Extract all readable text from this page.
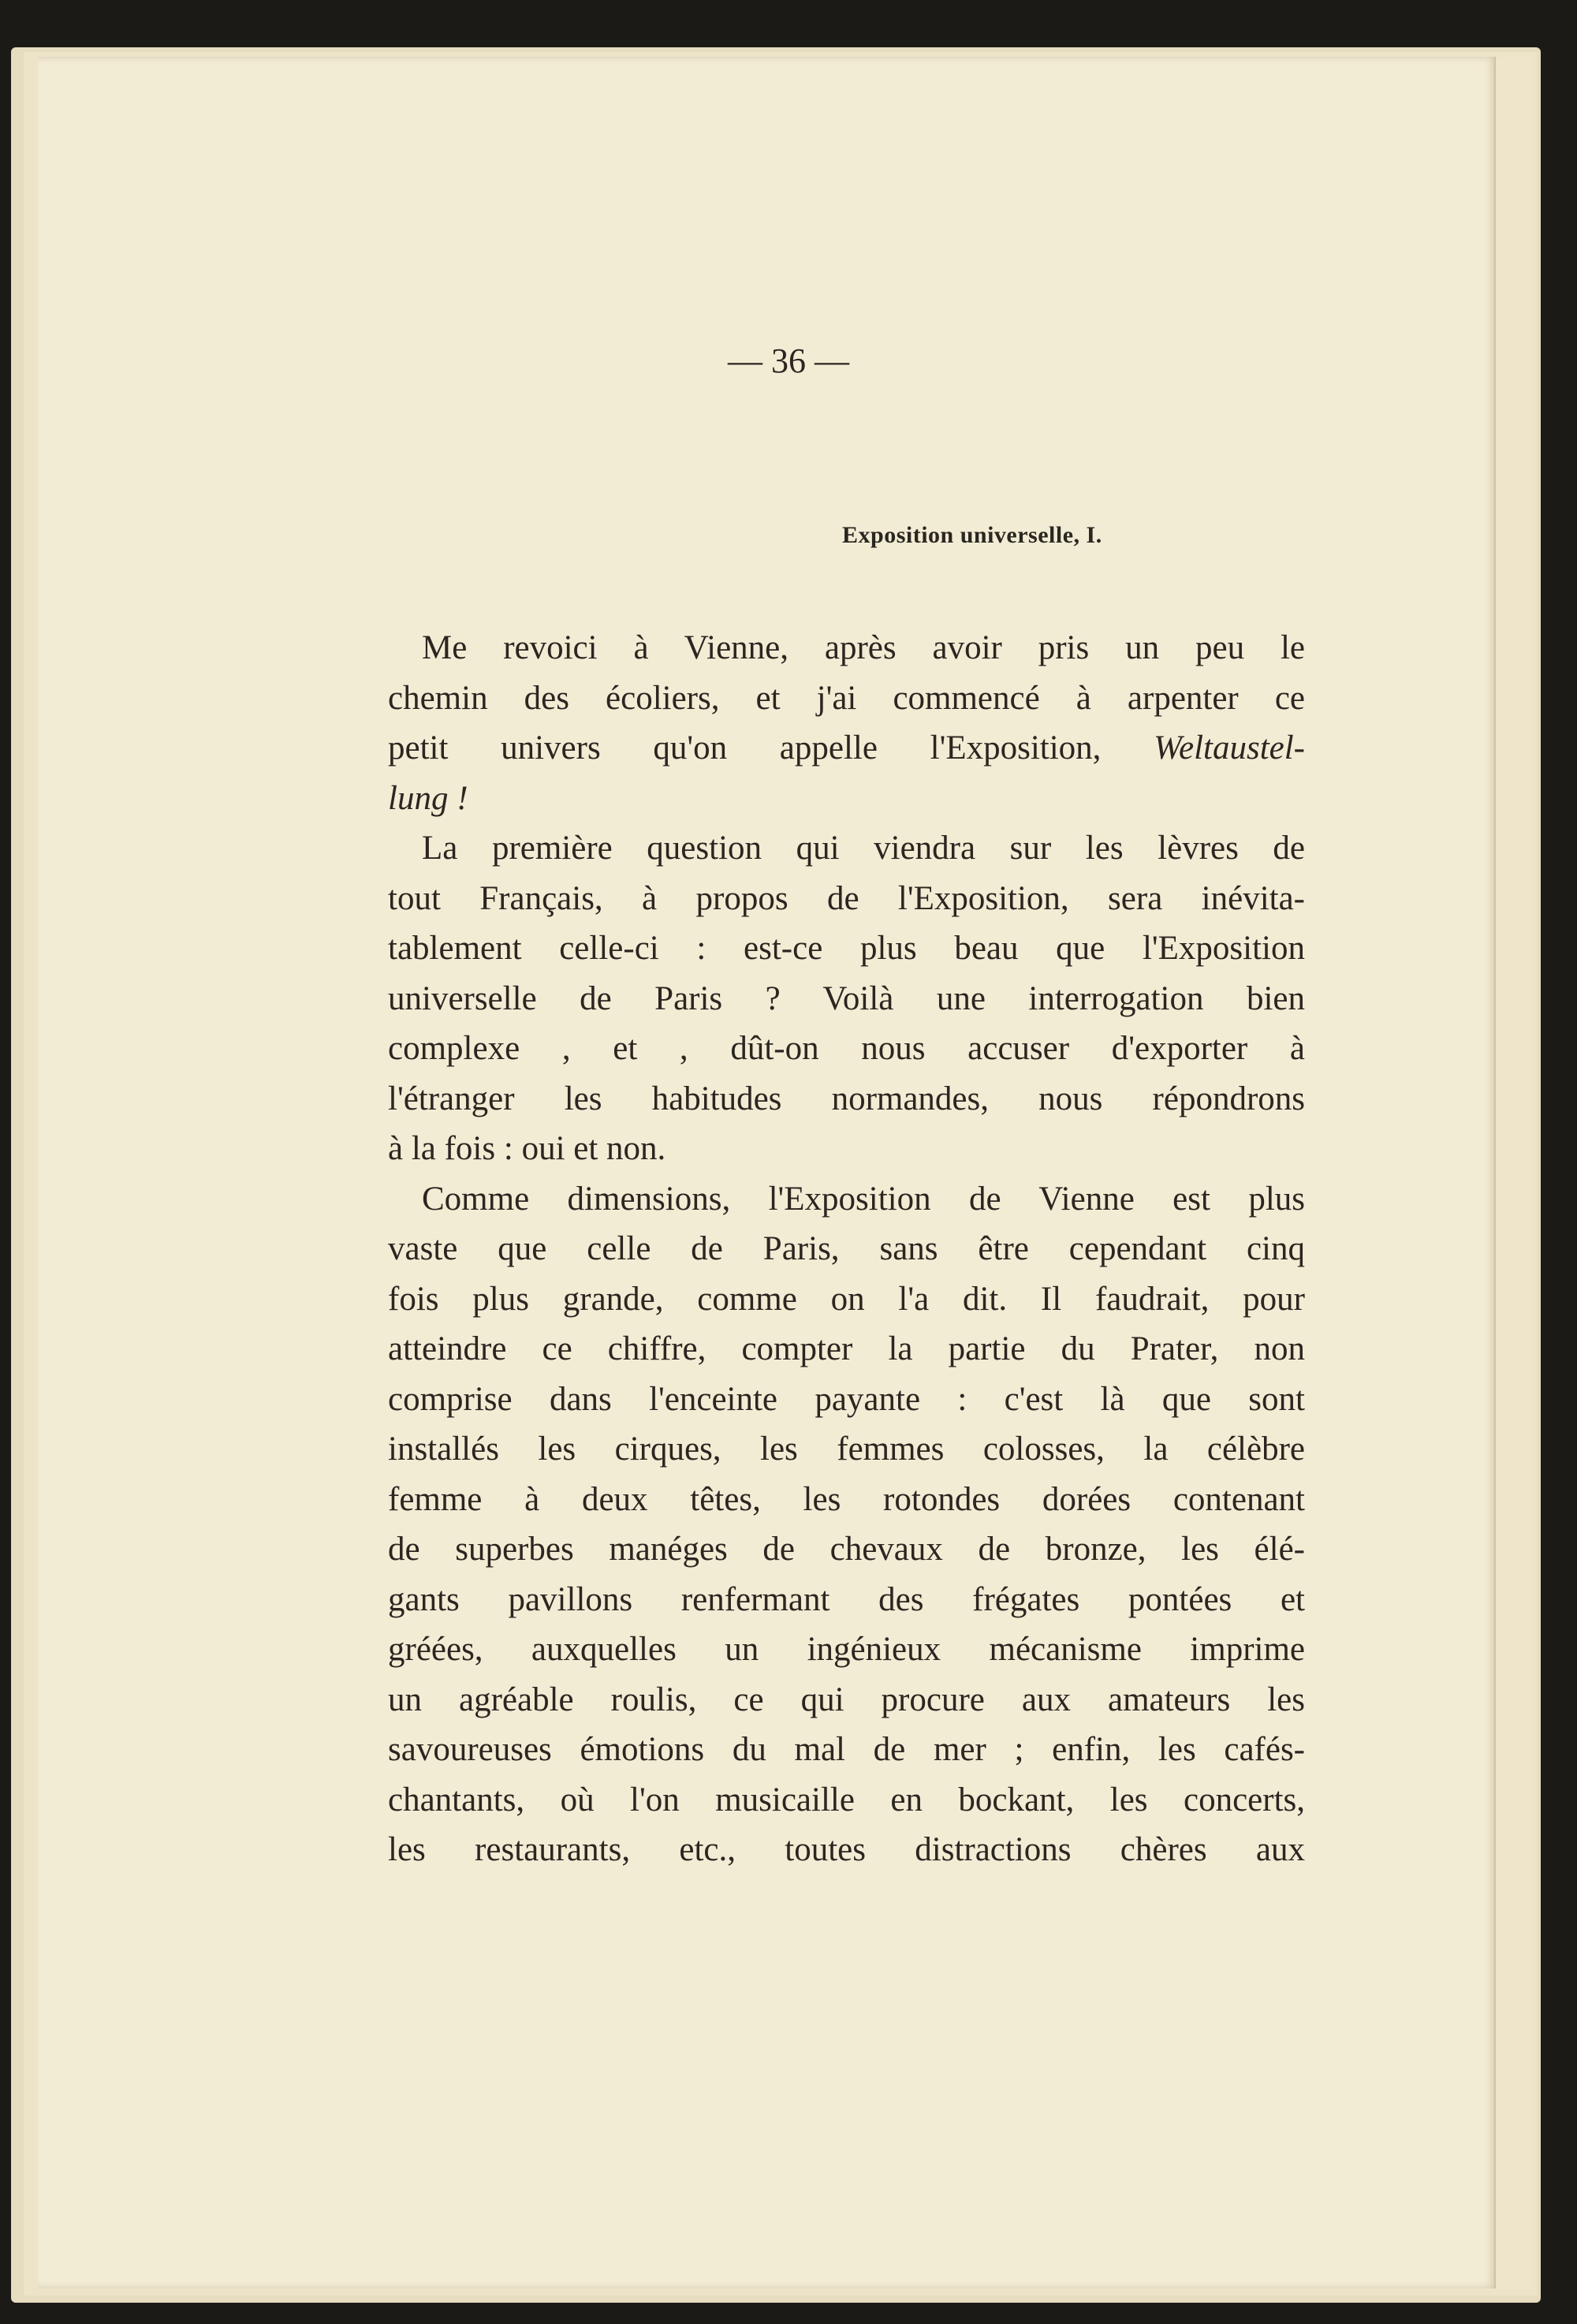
— 36 —
Exposition universelle, I.
Me revoici à Vienne, après avoir pris un peu le
chemin des écoliers, et j'ai commencé à arpenter ce
petit univers qu'on appelle l'Exposition, Weltaustel-
lung !
La première question qui viendra sur les lèvres de
tout Français, à propos de l'Exposition, sera inévita-
tablement celle-ci : est-ce plus beau que l'Exposition
universelle de Paris ? Voilà une interrogation bien
complexe , et , dût-on nous accuser d'exporter à
l'étranger les habitudes normandes, nous répondrons
à la fois : oui et non.
Comme dimensions, l'Exposition de Vienne est plus
vaste que celle de Paris, sans être cependant cinq
fois plus grande, comme on l'a dit. Il faudrait, pour
atteindre ce chiffre, compter la partie du Prater, non
comprise dans l'enceinte payante : c'est là que sont
installés les cirques, les femmes colosses, la célèbre
femme à deux têtes, les rotondes dorées contenant
de superbes manéges de chevaux de bronze, les élé-
gants pavillons renfermant des frégates pontées et
gréées, auxquelles un ingénieux mécanisme imprime
un agréable roulis, ce qui procure aux amateurs les
savoureuses émotions du mal de mer ; enfin, les cafés-
chantants, où l'on musicaille en bockant, les concerts,
les restaurants, etc., toutes distractions chères aux
